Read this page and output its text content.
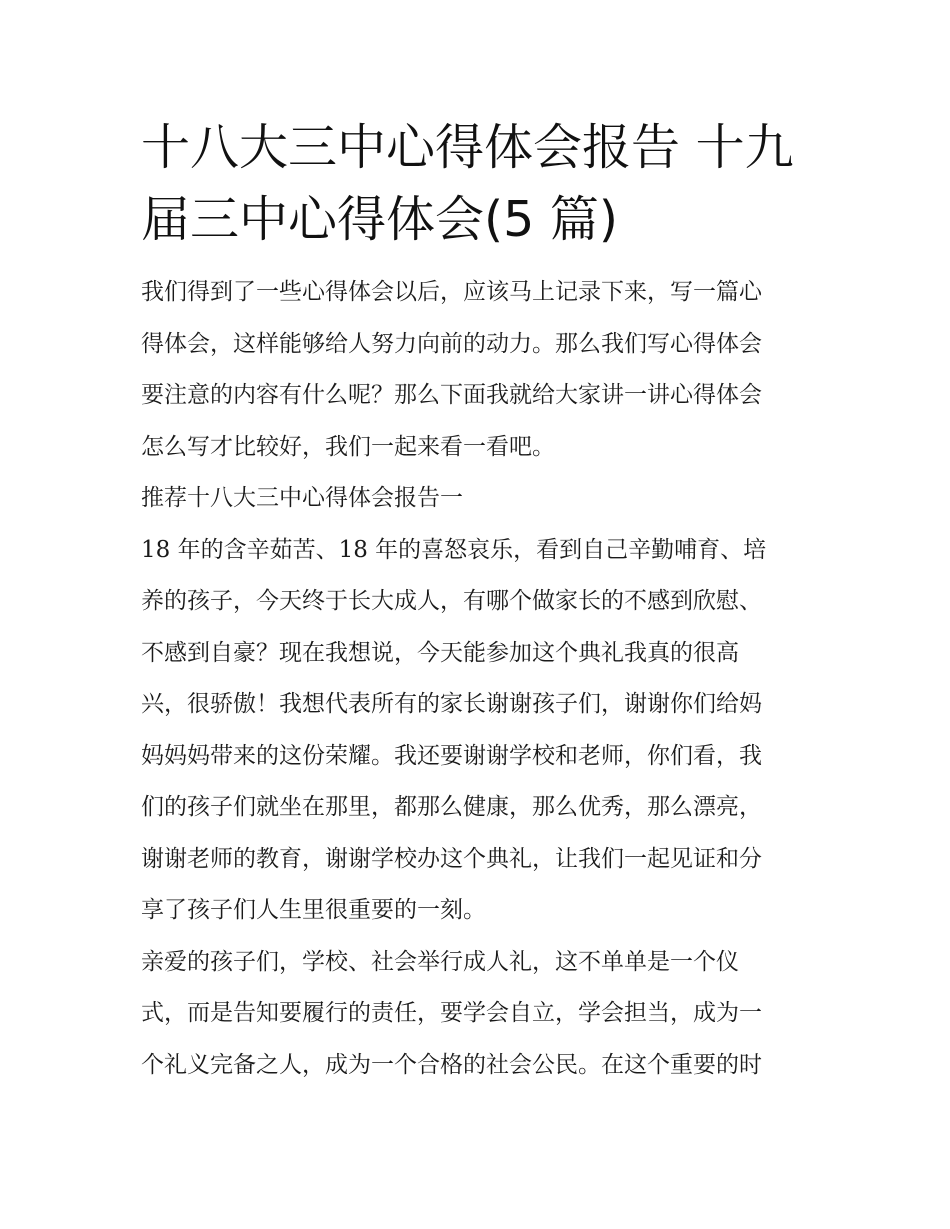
十八大三中心得体会报告 十九
届三中心得体会(5 篇)
我们得到了一些心得体会以后，应该马上记录下来，写一篇心
得体会，这样能够给人努力向前的动力。那么我们写心得体会
要注意的内容有什么呢？那么下面我就给大家讲一讲心得体会
怎么写才比较好，我们一起来看一看吧。
推荐十八大三中心得体会报告一
18 年的含辛茹苦、18 年的喜怒哀乐，看到自己辛勤哺育、培
养的孩子，今天终于长大成人，有哪个做家长的不感到欣慰、
不感到自豪？现在我想说，今天能参加这个典礼我真的很高
兴，很骄傲！我想代表所有的家长谢谢孩子们，谢谢你们给妈
妈妈妈带来的这份荣耀。我还要谢谢学校和老师，你们看，我
们的孩子们就坐在那里，都那么健康，那么优秀，那么漂亮，
谢谢老师的教育，谢谢学校办这个典礼，让我们一起见证和分
享了孩子们人生里很重要的一刻。
亲爱的孩子们，学校、社会举行成人礼，这不单单是一个仪
式，而是告知要履行的责任，要学会自立，学会担当，成为一
个礼义完备之人，成为一个合格的社会公民。在这个重要的时
